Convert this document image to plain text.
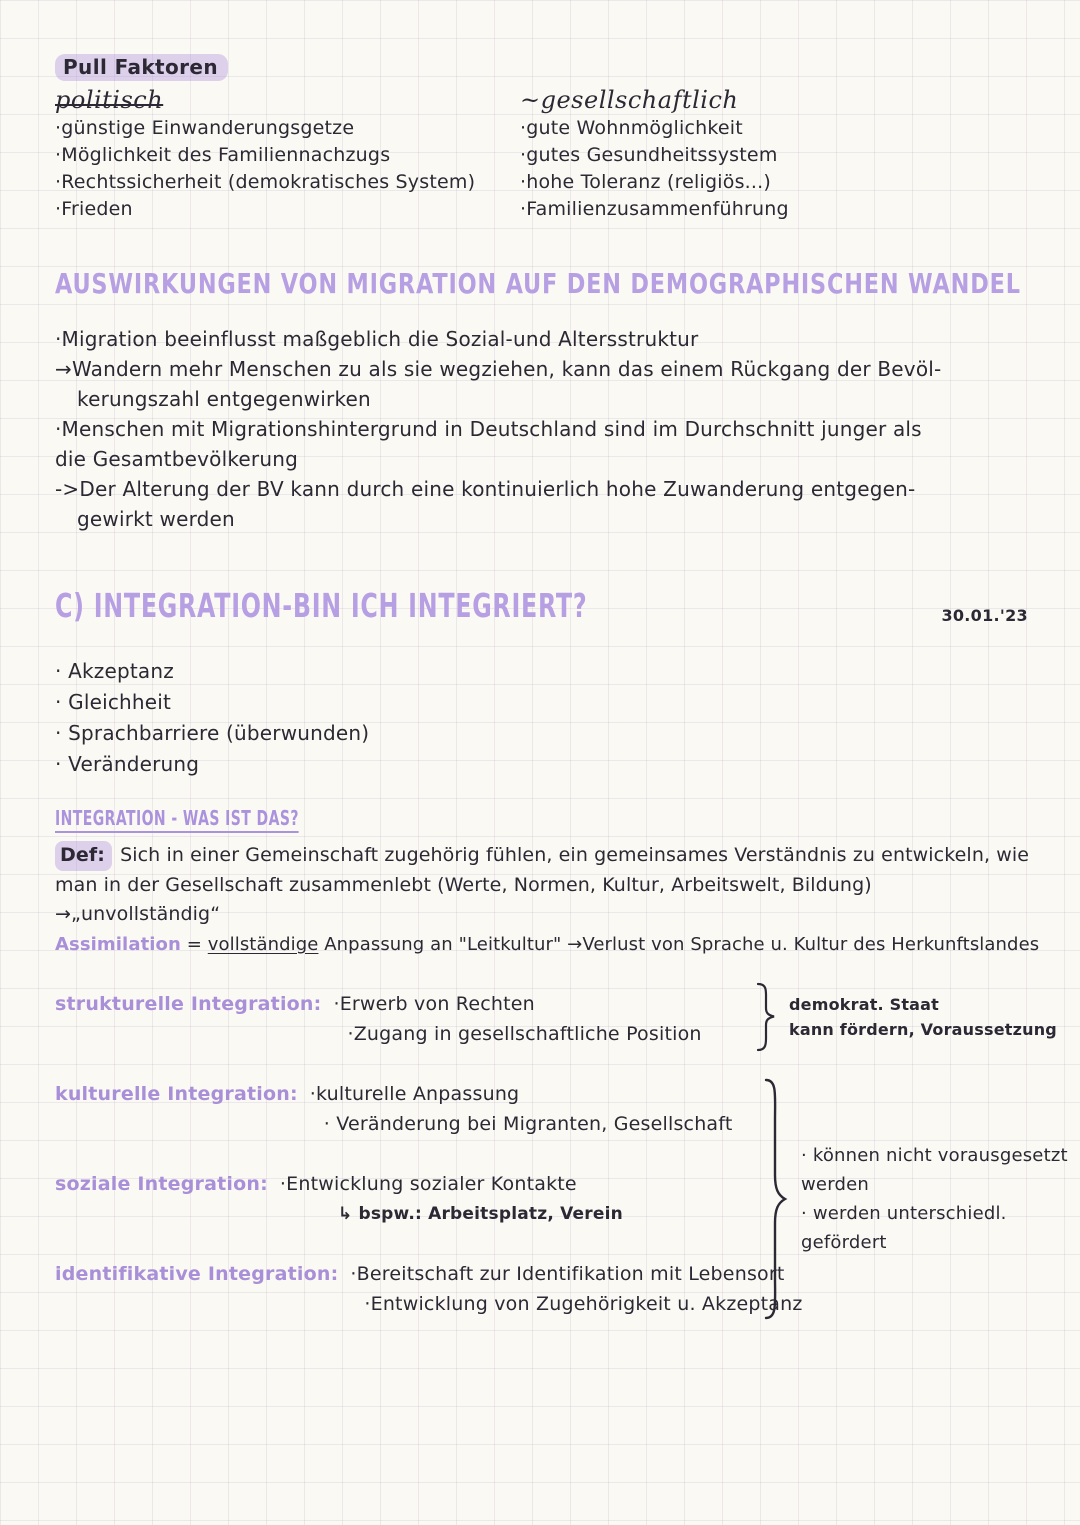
Pull Faktoren
politisch
·günstige Einwanderungsgetze
·Möglichkeit des Familiennachzugs
·Rechtssicherheit (demokratisches System)
·Frieden
~gesellschaftlich
·gute Wohnmöglichkeit
·gutes Gesundheitssystem
·hohe Toleranz (religiös...)
·Familienzusammenführung
AUSWIRKUNGEN VON MIGRATION AUF DEN DEMOGRAPHISCHEN WANDEL
·Migration beeinflusst maßgeblich die Sozial-und Altersstruktur
→Wandern mehr Menschen zu als sie wegziehen, kann das einem Rückgang der Bevöl-
kerungszahl entgegenwirken
·Menschen mit Migrationshintergrund in Deutschland sind im Durchschnitt junger als
die Gesamtbevölkerung
->Der Alterung der BV kann durch eine kontinuierlich hohe Zuwanderung entgegen-
gewirkt werden
C) INTEGRATION-BIN ICH INTEGRIERT?	30.01.'23
· Akzeptanz
· Gleichheit
· Sprachbarriere (überwunden)
· Veränderung
INTEGRATION - WAS IST DAS?

Def: Sich in einer Gemeinschaft zugehörig fühlen, ein gemeinsames Verständnis zu entwickeln, wie man in der Gesellschaft zusammenlebt (Werte, Normen, Kultur, Arbeitswelt, Bildung) →„unvollständig“

Assimilation = vollständige Anpassung an "Leitkultur" →Verlust von Sprache u. Kultur des Herkunftslandes

strukturelle Integration: ·Erwerb von Rechten
·Zugang in gesellschaftliche Position
kulturelle Integration: ·kulturelle Anpassung
· Veränderung bei Migranten, Gesellschaft
soziale Integration: ·Entwicklung sozialer Kontakte
↳ bspw.: Arbeitsplatz, Verein
identifikative Integration: ·Bereitschaft zur Identifikation mit Lebensort
·Entwicklung von Zugehörigkeit u. Akzeptanz
demokrat. Staat
kann fördern, Voraussetzung
· können nicht vorausgesetzt
werden
· werden unterschiedl.
gefördert
